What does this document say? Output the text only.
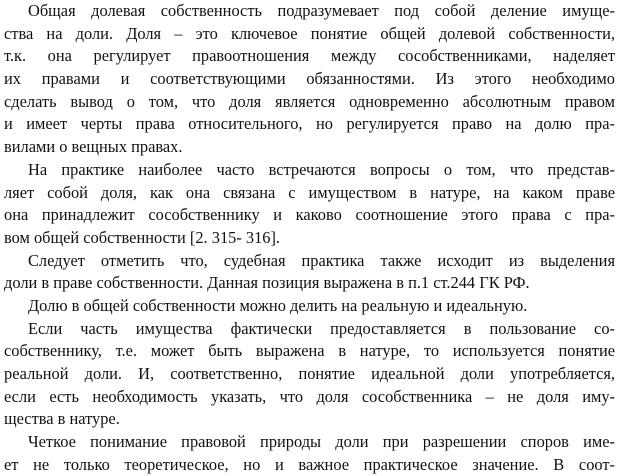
Общая долевая собственность подразумевает под собой деление имуще-
ства на доли. Доля – это ключевое понятие общей долевой собственности,
т.к. она регулирует правоотношения между сособственниками, наделяет
их правами и соответствующими обязанностями. Из этого необходимо
сделать вывод о том, что доля является одновременно абсолютным правом
и имеет черты права относительного, но регулируется право на долю пра-
вилами о вещных правах.
На практике наиболее часто встречаются вопросы о том, что представ-
ляет собой доля, как она связана с имуществом в натуре, на каком праве
она принадлежит сособственнику и каково соотношение этого права с пра-
вом общей собственности [2. 315- 316].
Следует отметить что, судебная практика также исходит из выделения
доли в праве собственности. Данная позиция выражена в п.1 ст.244 ГК РФ.
Долю в общей собственности можно делить на реальную и идеальную.
Если часть имущества фактически предоставляется в пользование со-
собственнику, т.е. может быть выражена в натуре, то используется понятие
реальной доли. И, соответственно, понятие идеальной доли употребляется,
если есть необходимость указать, что доля сособственника – не доля иму-
щества в натуре.
Четкое понимание правовой природы доли при разрешении споров име-
ет не только теоретическое, но и важное практическое значение. В соот-
